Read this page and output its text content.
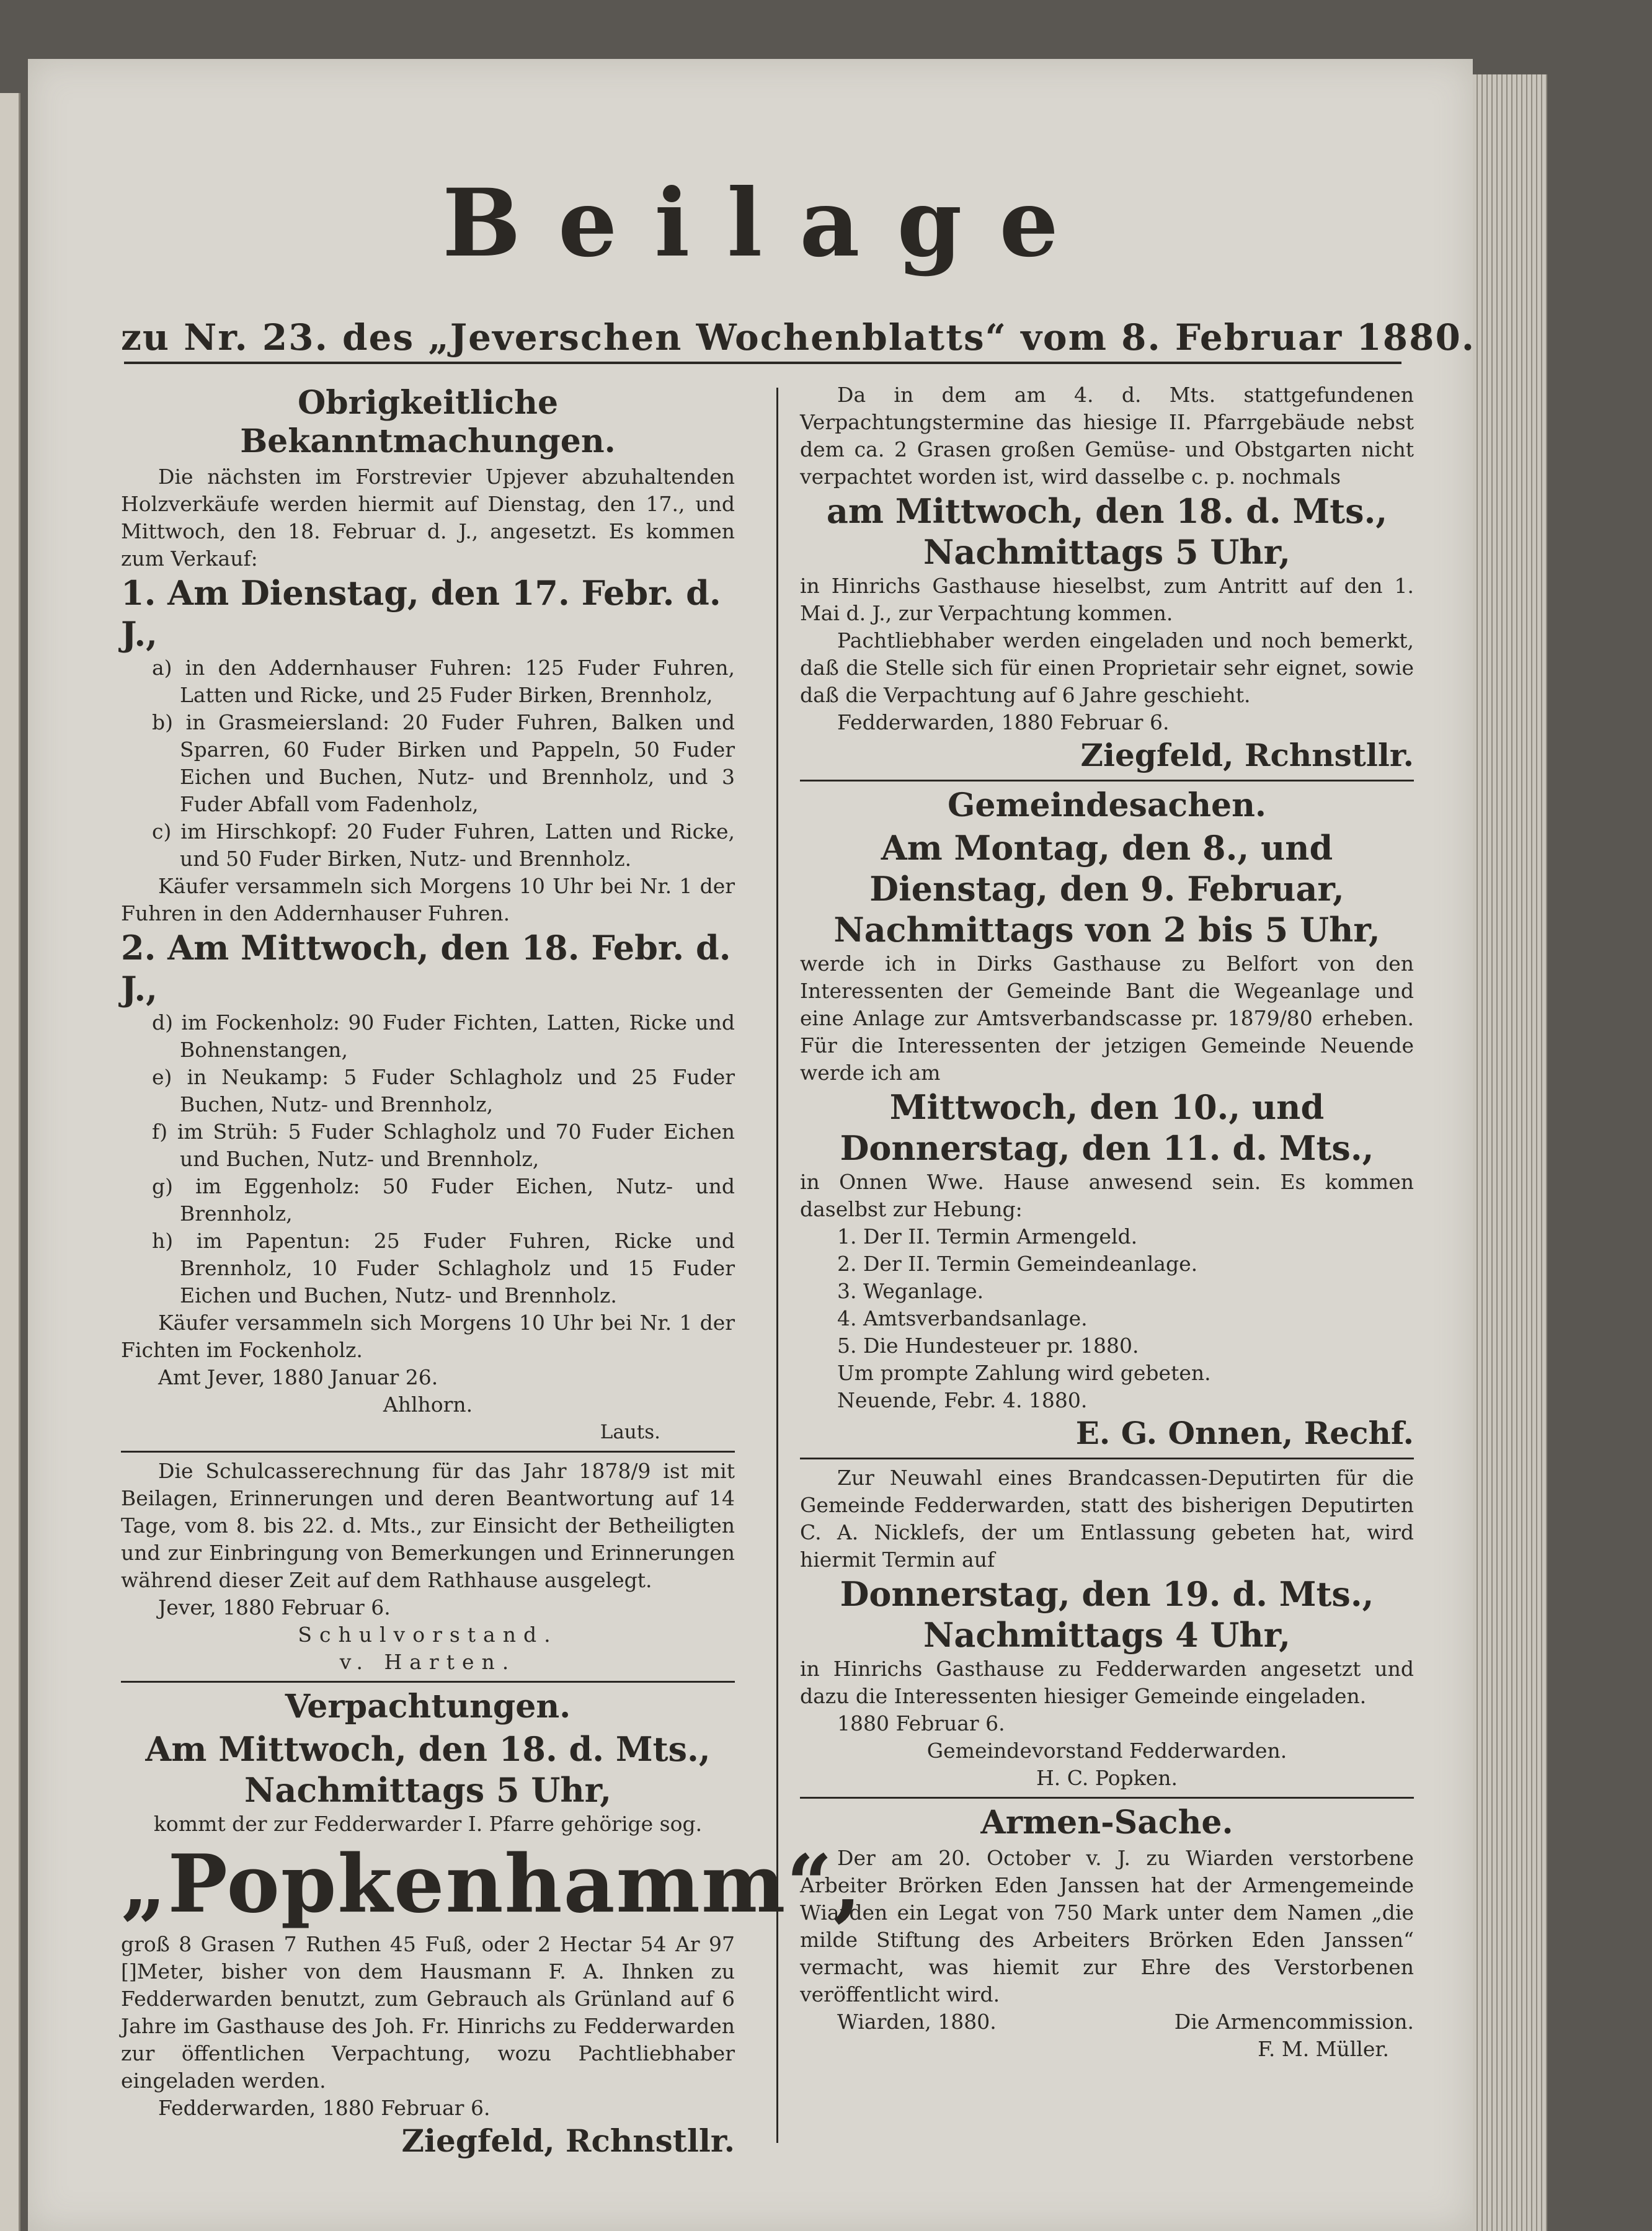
Beilage
zu Nr. 23. des „Jeverschen Wochenblatts“ vom 8. Februar 1880.
Obrigkeitliche Bekanntmachungen.
Die nächsten im Forstrevier Upjever abzuhaltenden Holzverkäufe werden hiermit auf Dienstag, den 17., und Mittwoch, den 18. Februar d. J., angesetzt. Es kommen zum Verkauf:
1. Am Dienstag, den 17. Febr. d. J.,
a) in den Addernhauser Fuhren: 125 Fuder Fuhren, Latten und Ricke, und 25 Fuder Birken, Brennholz,
b) in Grasmeiersland: 20 Fuder Fuhren, Balken und Sparren, 60 Fuder Birken und Pappeln, 50 Fuder Eichen und Buchen, Nutz- und Brennholz, und 3 Fuder Abfall vom Fadenholz,
c) im Hirschkopf: 20 Fuder Fuhren, Latten und Ricke, und 50 Fuder Birken, Nutz- und Brennholz.
Käufer versammeln sich Morgens 10 Uhr bei Nr. 1 der Fuhren in den Addernhauser Fuhren.
2. Am Mittwoch, den 18. Febr. d. J.,
d) im Fockenholz: 90 Fuder Fichten, Latten, Ricke und Bohnenstangen,
e) in Neukamp: 5 Fuder Schlagholz und 25 Fuder Buchen, Nutz- und Brennholz,
f) im Strüh: 5 Fuder Schlagholz und 70 Fuder Eichen und Buchen, Nutz- und Brennholz,
g) im Eggenholz: 50 Fuder Eichen, Nutz- und Brennholz,
h) im Papentun: 25 Fuder Fuhren, Ricke und Brennholz, 10 Fuder Schlagholz und 15 Fuder Eichen und Buchen, Nutz- und Brennholz.
Käufer versammeln sich Morgens 10 Uhr bei Nr. 1 der Fichten im Fockenholz.
Amt Jever, 1880 Januar 26.
Ahlhorn.
Lauts.
Die Schulcasserechnung für das Jahr 1878/9 ist mit Beilagen, Erinnerungen und deren Beantwortung auf 14 Tage, vom 8. bis 22. d. Mts., zur Einsicht der Betheiligten und zur Einbringung von Bemerkungen und Erinnerungen während dieser Zeit auf dem Rathhause ausgelegt.
Jever, 1880 Februar 6.
Schulvorstand.
v. Harten.
Verpachtungen.
Am Mittwoch, den 18. d. Mts.,
Nachmittags 5 Uhr,
kommt der zur Fedderwarder I. Pfarre gehörige sog.
„Popkenhamm“,
groß 8 Grasen 7 Ruthen 45 Fuß, oder 2 Hectar 54 Ar 97 []Meter, bisher von dem Hausmann F. A. Ihnken zu Fedderwarden benutzt, zum Gebrauch als Grünland auf 6 Jahre im Gasthause des Joh. Fr. Hinrichs zu Fedderwarden zur öffentlichen Verpachtung, wozu Pachtliebhaber eingeladen werden.
Fedderwarden, 1880 Februar 6.
Ziegfeld, Rchnstllr.
Da in dem am 4. d. Mts. stattgefundenen Verpachtungstermine das hiesige II. Pfarrgebäude nebst dem ca. 2 Grasen großen Gemüse- und Obstgarten nicht verpachtet worden ist, wird dasselbe c. p. nochmals
am Mittwoch, den 18. d. Mts.,
Nachmittags 5 Uhr,
in Hinrichs Gasthause hieselbst, zum Antritt auf den 1. Mai d. J., zur Verpachtung kommen.
Pachtliebhaber werden eingeladen und noch bemerkt, daß die Stelle sich für einen Proprietair sehr eignet, sowie daß die Verpachtung auf 6 Jahre geschieht.
Fedderwarden, 1880 Februar 6.
Ziegfeld, Rchnstllr.
Gemeindesachen.
Am Montag, den 8., und Dienstag, den 9. Februar,
Nachmittags von 2 bis 5 Uhr,
werde ich in Dirks Gasthause zu Belfort von den Interessenten der Gemeinde Bant die Wegeanlage und eine Anlage zur Amtsverbandscasse pr. 1879/80 erheben. Für die Interessenten der jetzigen Gemeinde Neuende werde ich am
Mittwoch, den 10., und Donnerstag, den 11. d. Mts.,
in Onnen Wwe. Hause anwesend sein. Es kommen daselbst zur Hebung:
1. Der II. Termin Armengeld.
2. Der II. Termin Gemeindeanlage.
3. Weganlage.
4. Amtsverbandsanlage.
5. Die Hundesteuer pr. 1880.
Um prompte Zahlung wird gebeten.
Neuende, Febr. 4. 1880.
E. G. Onnen, Rechf.
Zur Neuwahl eines Brandcassen-Deputirten für die Gemeinde Fedderwarden, statt des bisherigen Deputirten C. A. Nicklefs, der um Entlassung gebeten hat, wird hiermit Termin auf
Donnerstag, den 19. d. Mts.,
Nachmittags 4 Uhr,
in Hinrichs Gasthause zu Fedderwarden angesetzt und dazu die Interessenten hiesiger Gemeinde eingeladen.
1880 Februar 6.
Gemeindevorstand Fedderwarden.
H. C. Popken.
Armen-Sache.
Der am 20. October v. J. zu Wiarden verstorbene Arbeiter Brörken Eden Janssen hat der Armengemeinde Wiarden ein Legat von 750 Mark unter dem Namen „die milde Stiftung des Arbeiters Brörken Eden Janssen“ vermacht, was hiemit zur Ehre des Verstorbenen veröffentlicht wird.
Wiarden, 1880.	Die Armencommission.
F. M. Müller.
